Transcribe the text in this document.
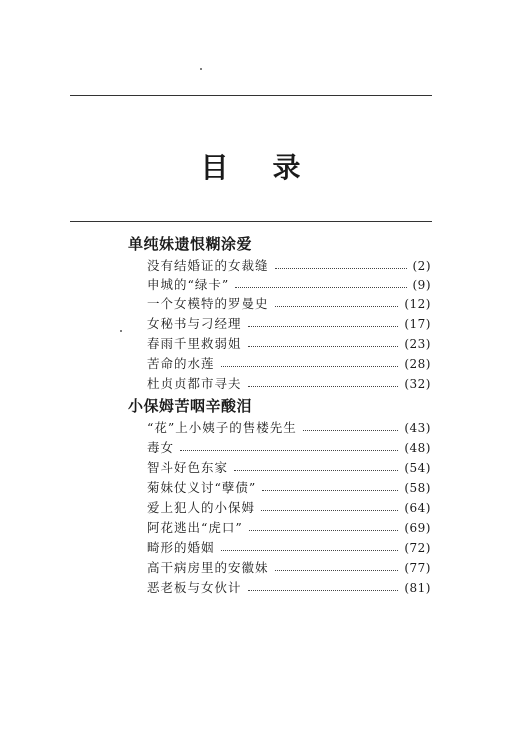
目 录
单纯妹遗恨糊涂爱
没有结婚证的女裁缝	(2)
申城的“绿卡”	(9)
一个女模特的罗曼史	(12)
女秘书与刁经理	(17)
春雨千里救弱姐	(23)
苦命的水莲	(28)
杜贞贞都市寻夫	(32)
小保姆苦咽辛酸泪
“花”上小姨子的售楼先生	(43)
毒女	(48)
智斗好色东家	(54)
菊妹仗义讨“孽债”	(58)
爱上犯人的小保姆	(64)
阿花逃出“虎口”	(69)
畸形的婚姻	(72)
高干病房里的安徽妹	(77)
恶老板与女伙计	(81)
